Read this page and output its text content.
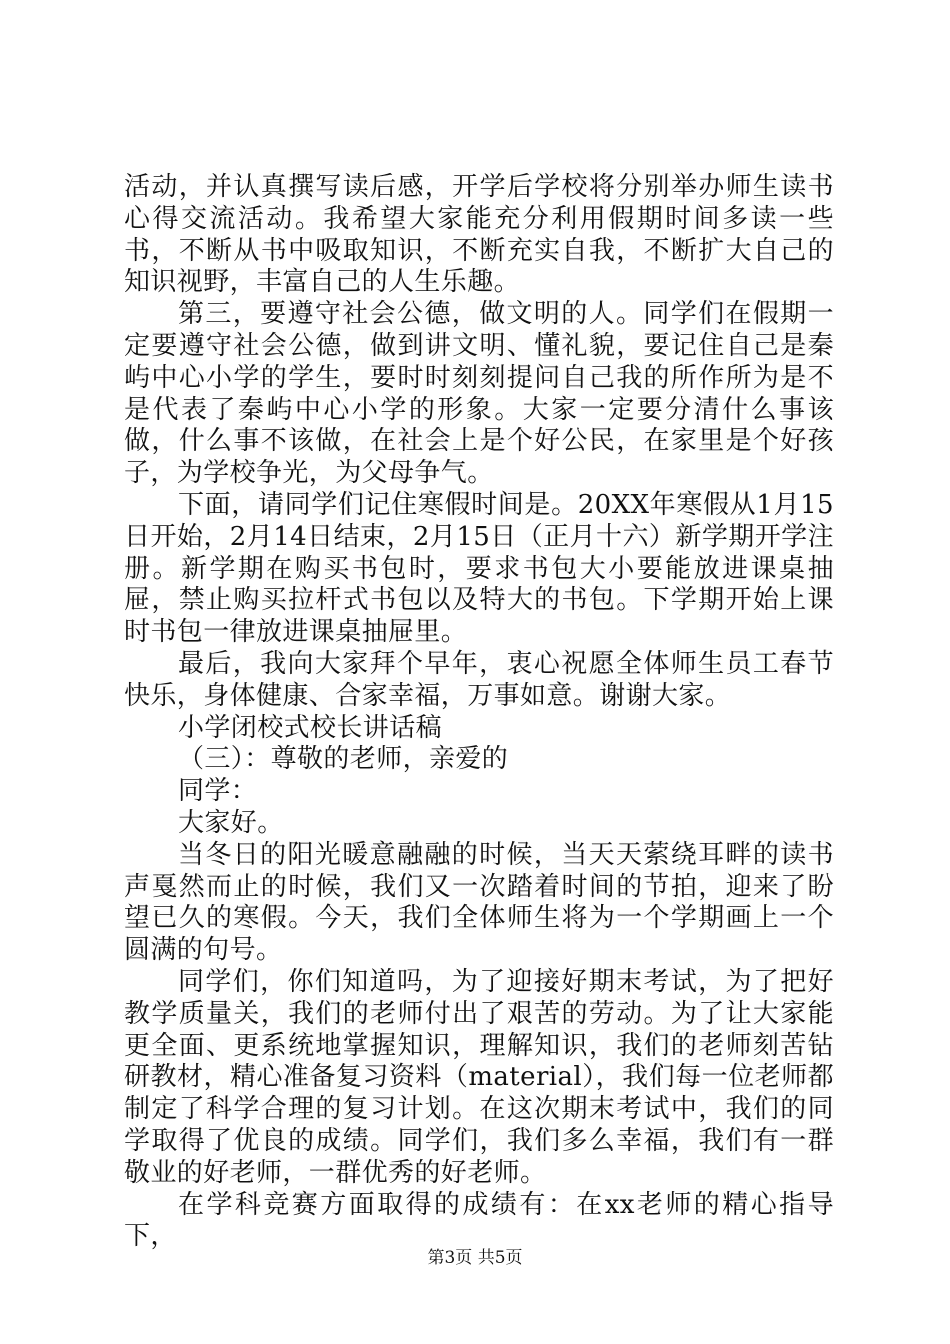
活动，并认真撰写读后感，开学后学校将分别举办师生读书心得交流活动。我希望大家能充分利用假期时间多读一些书，不断从书中吸取知识，不断充实自我，不断扩大自己的知识视野，丰富自己的人生乐趣。

第三，要遵守社会公德，做文明的人。同学们在假期一定要遵守社会公德，做到讲文明、懂礼貌，要记住自己是秦屿中心小学的学生，要时时刻刻提问自己我的所作所为是不是代表了秦屿中心小学的形象。大家一定要分清什么事该做，什么事不该做，在社会上是个好公民，在家里是个好孩子，为学校争光，为父母争气。

下面，请同学们记住寒假时间是。20XX年寒假从1月15日开始，2月14日结束，2月15日（正月十六）新学期开学注册。新学期在购买书包时，要求书包大小要能放进课桌抽屉，禁止购买拉杆式书包以及特大的书包。下学期开始上课时书包一律放进课桌抽屉里。

最后，我向大家拜个早年，衷心祝愿全体师生员工春节快乐，身体健康、合家幸福，万事如意。谢谢大家。

小学闭校式校长讲话稿

（三）：尊敬的老师，亲爱的

同学：

大家好。

当冬日的阳光暖意融融的时候，当天天萦绕耳畔的读书声戛然而止的时候，我们又一次踏着时间的节拍，迎来了盼望已久的寒假。今天，我们全体师生将为一个学期画上一个圆满的句号。

同学们，你们知道吗，为了迎接好期末考试，为了把好教学质量关，我们的老师付出了艰苦的劳动。为了让大家能更全面、更系统地掌握知识，理解知识，我们的老师刻苦钻研教材，精心准备复习资料（material），我们每一位老师都制定了科学合理的复习计划。在这次期末考试中，我们的同学取得了优良的成绩。同学们，我们多么幸福，我们有一群敬业的好老师，一群优秀的好老师。

在学科竞赛方面取得的成绩有：在xx老师的精心指导下，

第3页 共5页
